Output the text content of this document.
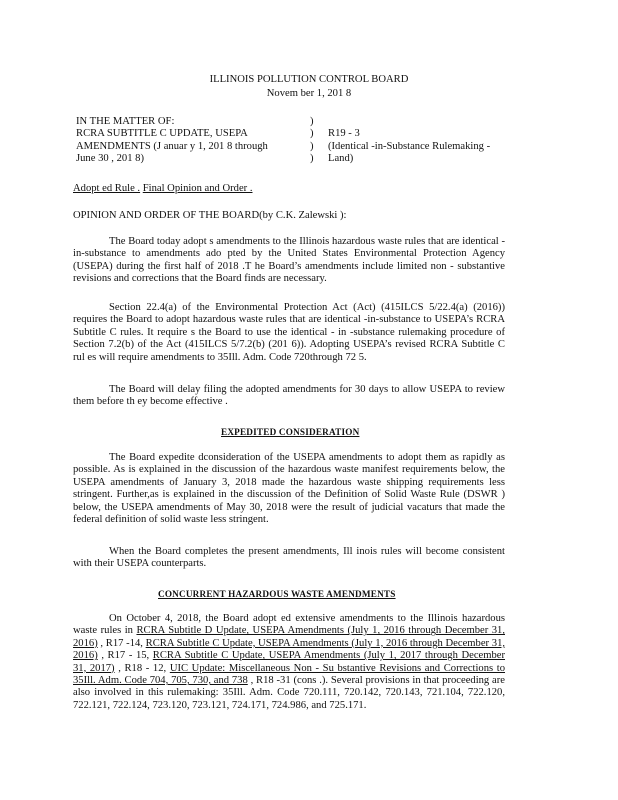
ILLINOIS POLLUTION CONTROL BOARD
Novem ber 1, 201 8
IN THE MATTER OF:
RCRA SUBTITLE C UPDATE, USEPA
AMENDMENTS (J anuar y 1, 201 8 through
June 30 , 201 8)
)
)
)
)
R19 - 3
(Identical -in-Substance Rulemaking -
Land)
Adopt ed Rule . Final Opinion and Order .
OPINION AND ORDER OF THE BOARD(by C.K. Zalewski ):

The Board today adopt s amendments to the Illinois hazardous waste rules that are identical -in-substance to amendments ado pted by the United States Environmental Protection Agency (USEPA) during the first half of 2018 .T he Board’s amendments include limited non - substantive revisions and corrections that the Board finds are necessary.

Section 22.4(a) of the Environmental Protection Act (Act) (415ILCS 5/22.4(a) (2016)) requires the Board to adopt hazardous waste rules that are identical -in-substance to USEPA’s RCRA Subtitle C rules. It require s the Board to use the identical - in -substance rulemaking procedure of Section 7.2(b) of the Act (415ILCS 5/7.2(b) (201 6)). Adopting USEPA’s revised RCRA Subtitle C rul es will require amendments to 35Ill. Adm. Code 720through 72 5.

The Board will delay filing the adopted amendments for 30 days to allow USEPA to review them before th ey become effective .

EXPEDITED CONSIDERATION

The Board expedite dconsideration of the USEPA amendments to adopt them as rapidly as possible. As is explained in the discussion of the hazardous waste manifest requirements below, the USEPA amendments of January 3, 2018 made the hazardous waste shipping requirements less stringent. Further,as is explained in the discussion of the Definition of Solid Waste Rule (DSWR ) below, the USEPA amendments of May 30, 2018 were the result of judicial vacaturs that made the federal definition of solid waste less stringent.

When the Board completes the present amendments, Ill inois rules will become consistent with their USEPA counterparts.

CONCURRENT HAZARDOUS WASTE AMENDMENTS

On October 4, 2018, the Board adopt ed extensive amendments to the Illinois hazardous waste rules in RCRA Subtitle D Update, USEPA Amendments (July 1, 2016 through December 31, 2016) , R17 -14, RCRA Subtitle C Update, USEPA Amendments (July 1, 2016 through December 31, 2016) , R17 - 15, RCRA Subtitle C Update, USEPA Amendments (July 1, 2017 through December 31, 2017) , R18 - 12, UIC Update: Miscellaneous Non - Su bstantive Revisions and Corrections to 35Ill. Adm. Code 704, 705, 730, and 738 , R18 -31 (cons .). Several provisions in that proceeding are also involved in this rulemaking: 35Ill. Adm. Code 720.111, 720.142, 720.143, 721.104, 722.120, 722.121, 722.124, 723.120, 723.121, 724.171, 724.986, and 725.171.
